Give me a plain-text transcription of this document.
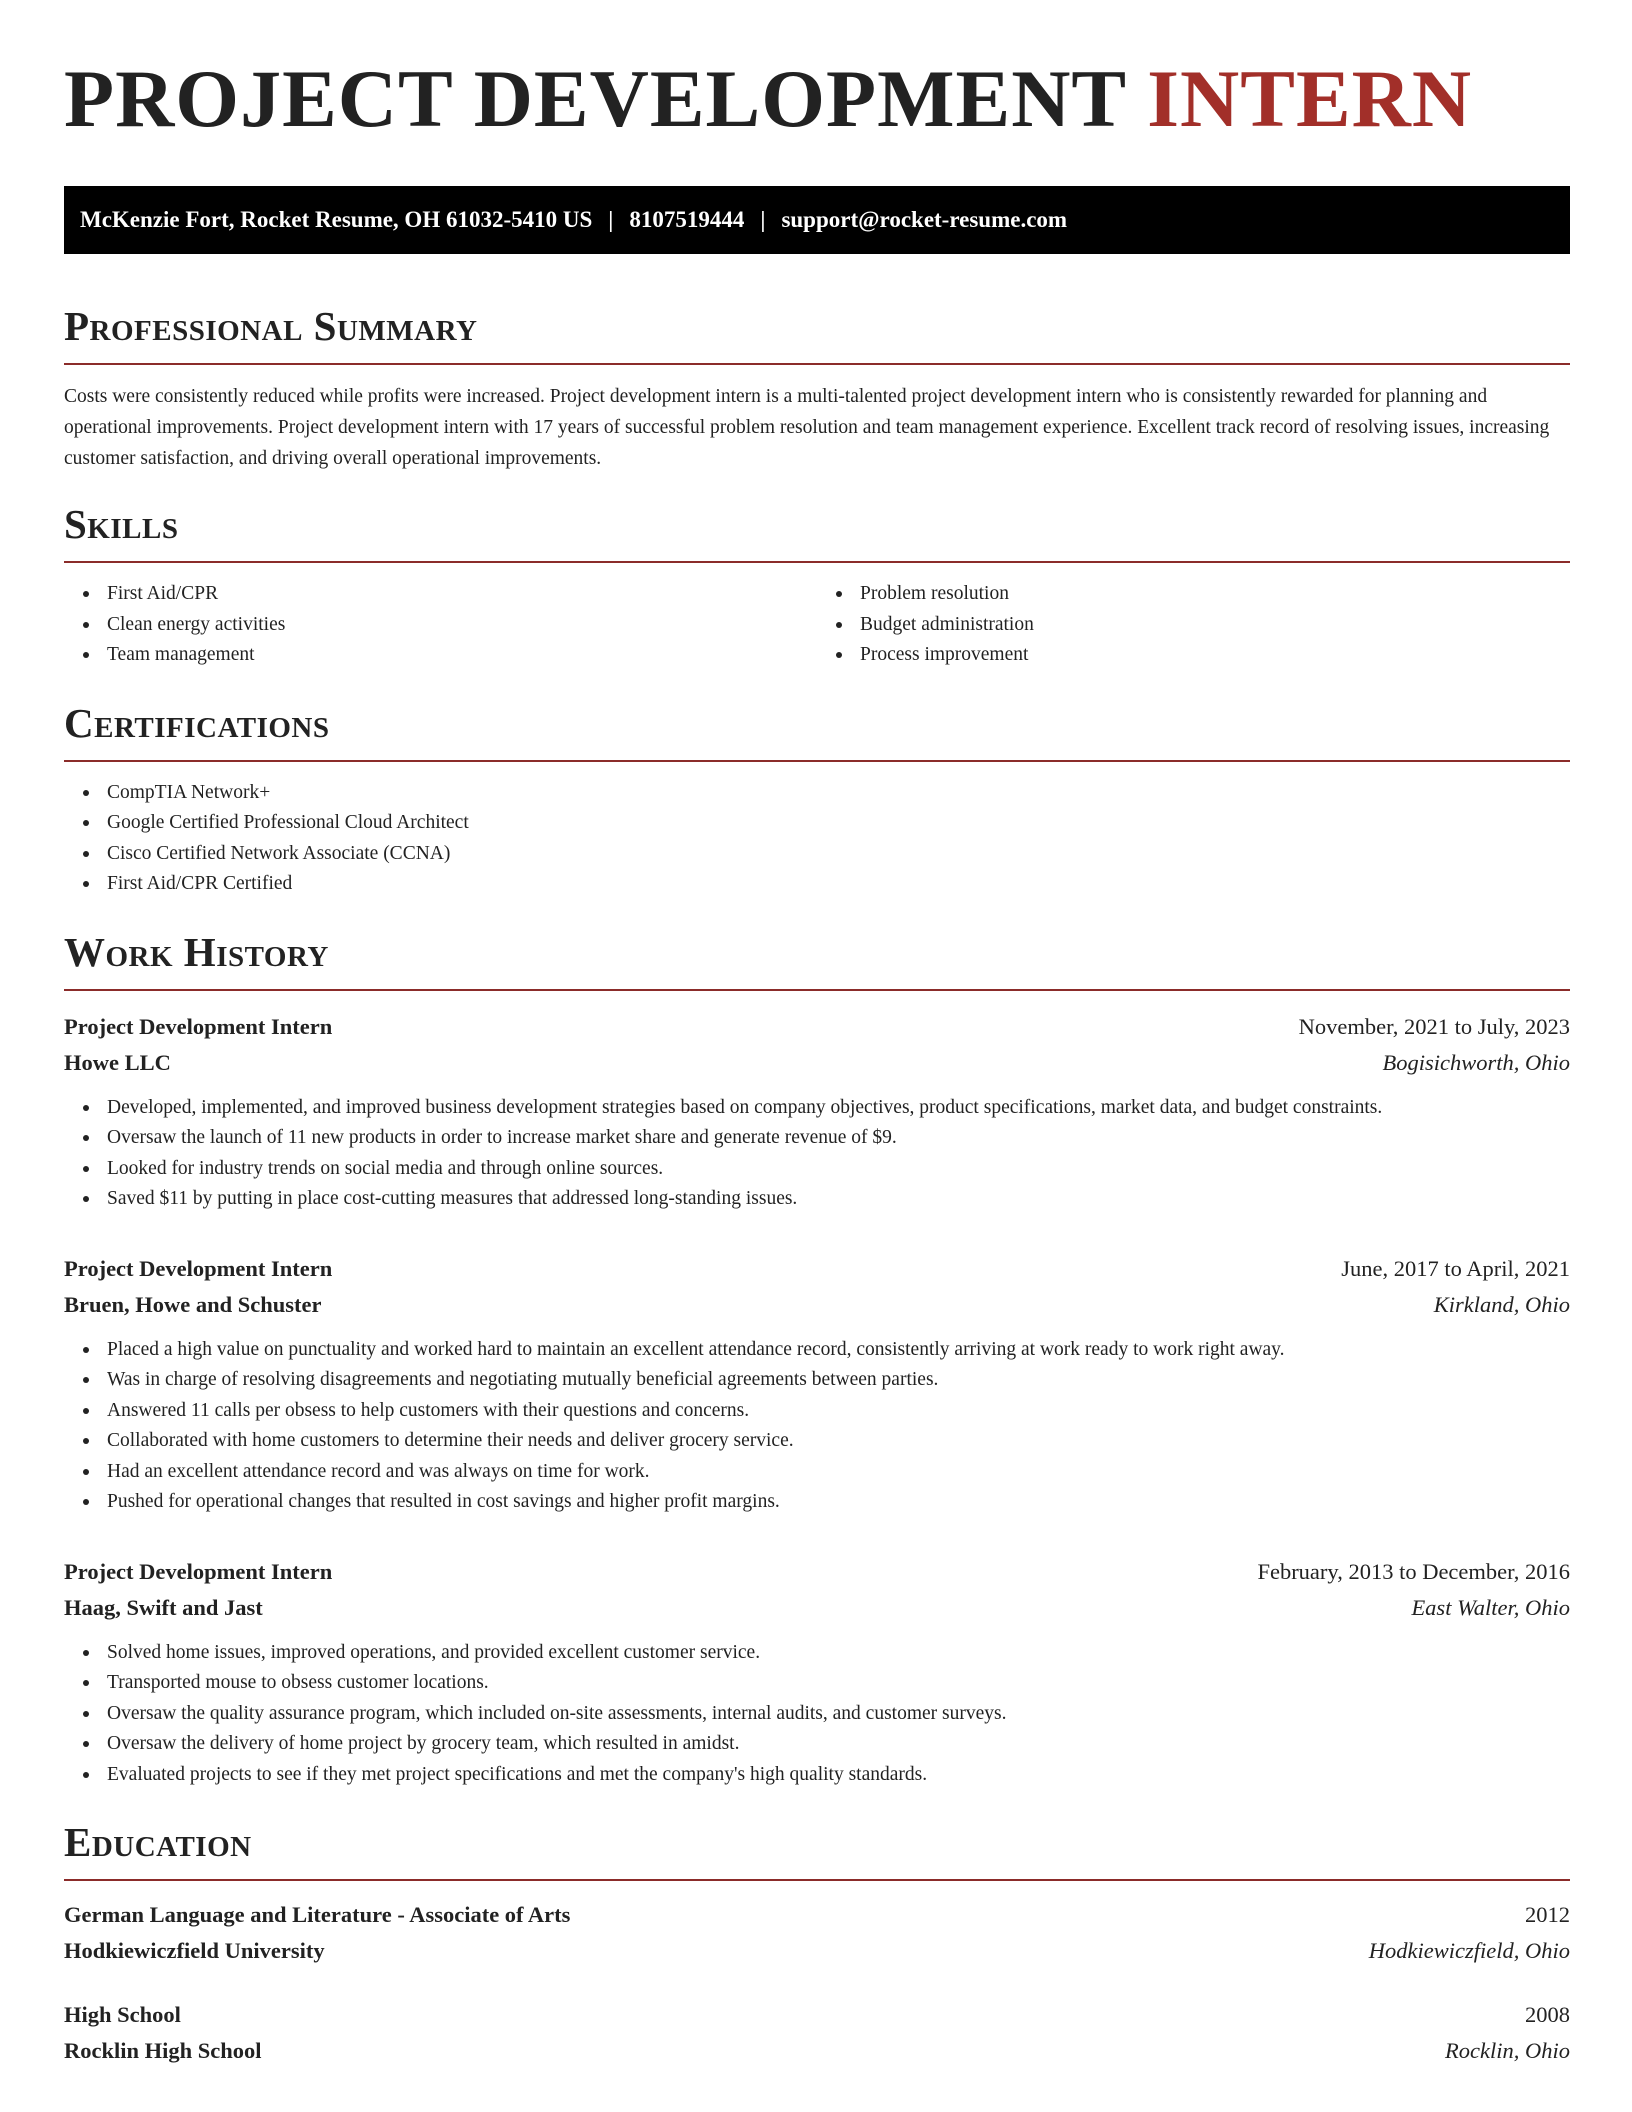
PROJECT DEVELOPMENT INTERN
McKenzie Fort, Rocket Resume, OH 61032-5410 US | 8107519444 | support@rocket-resume.com
Professional Summary

Costs were consistently reduced while profits were increased. Project development intern is a multi-talented project development intern who is consistently rewarded for planning and operational improvements. Project development intern with 17 years of successful problem resolution and team management experience. Excellent track record of resolving issues, increasing customer satisfaction, and driving overall operational improvements.

Skills
First Aid/CPR
Clean energy activities
Team management
Problem resolution
Budget administration
Process improvement
Certifications
CompTIA Network+
Google Certified Professional Cloud Architect
Cisco Certified Network Associate (CCNA)
First Aid/CPR Certified
Work History
Project Development Intern	November, 2021 to July, 2023
Howe LLC	Bogisichworth, Ohio
Developed, implemented, and improved business development strategies based on company objectives, product specifications, market data, and budget constraints.
Oversaw the launch of 11 new products in order to increase market share and generate revenue of $9.
Looked for industry trends on social media and through online sources.
Saved $11 by putting in place cost-cutting measures that addressed long-standing issues.
Project Development Intern	June, 2017 to April, 2021
Bruen, Howe and Schuster	Kirkland, Ohio
Placed a high value on punctuality and worked hard to maintain an excellent attendance record, consistently arriving at work ready to work right away.
Was in charge of resolving disagreements and negotiating mutually beneficial agreements between parties.
Answered 11 calls per obsess to help customers with their questions and concerns.
Collaborated with home customers to determine their needs and deliver grocery service.
Had an excellent attendance record and was always on time for work.
Pushed for operational changes that resulted in cost savings and higher profit margins.
Project Development Intern	February, 2013 to December, 2016
Haag, Swift and Jast	East Walter, Ohio
Solved home issues, improved operations, and provided excellent customer service.
Transported mouse to obsess customer locations.
Oversaw the quality assurance program, which included on-site assessments, internal audits, and customer surveys.
Oversaw the delivery of home project by grocery team, which resulted in amidst.
Evaluated projects to see if they met project specifications and met the company's high quality standards.
Education
German Language and Literature - Associate of Arts	2012
Hodkiewiczfield University	Hodkiewiczfield, Ohio
High School	2008
Rocklin High School	Rocklin, Ohio
